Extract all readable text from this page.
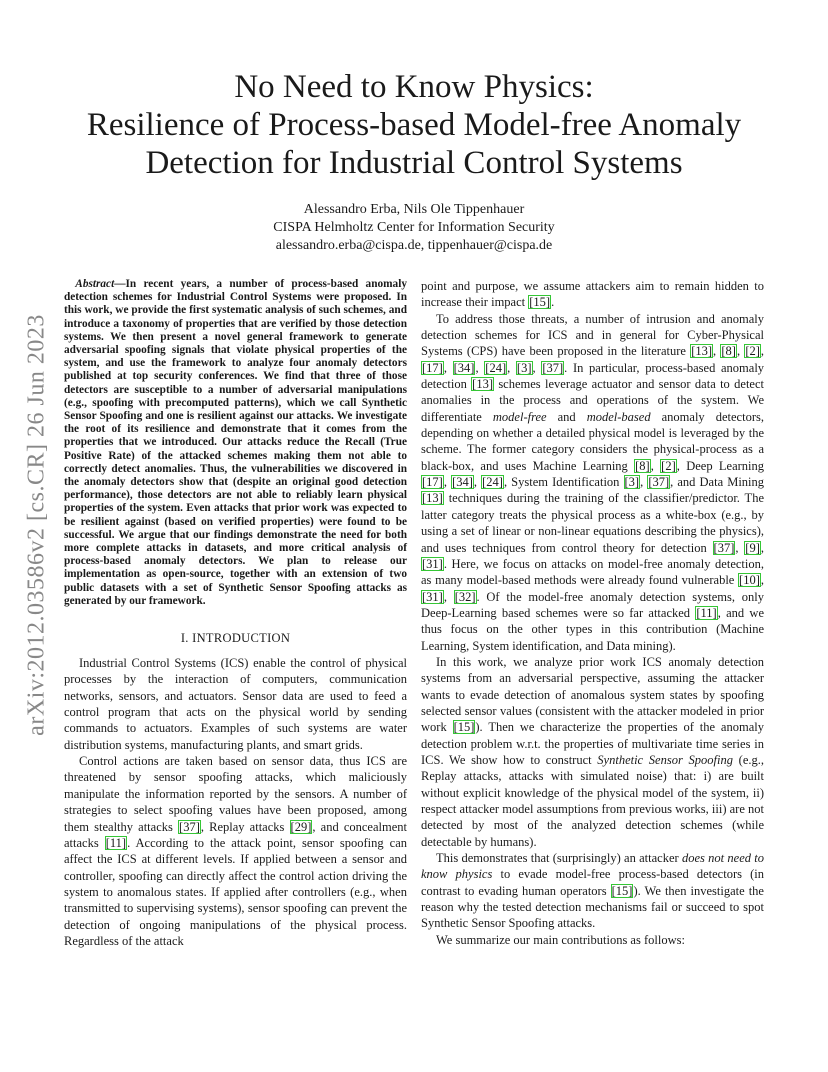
arXiv:2012.03586v2 [cs.CR] 26 Jun 2023
No Need to Know Physics:
Resilience of Process-based Model-free Anomaly
Detection for Industrial Control Systems
Alessandro Erba, Nils Ole Tippenhauer
CISPA Helmholtz Center for Information Security
alessandro.erba@cispa.de, tippenhauer@cispa.de

Abstract—In recent years, a number of process-based anomaly detection schemes for Industrial Control Systems were proposed. In this work, we provide the first systematic analysis of such schemes, and introduce a taxonomy of properties that are verified by those detection systems. We then present a novel general framework to generate adversarial spoofing signals that violate physical properties of the system, and use the framework to analyze four anomaly detectors published at top security conferences. We find that three of those detectors are susceptible to a number of adversarial manipulations (e.g., spoofing with precomputed patterns), which we call Synthetic Sensor Spoofing and one is resilient against our attacks. We investigate the root of its resilience and demonstrate that it comes from the properties that we introduced. Our attacks reduce the Recall (True Positive Rate) of the attacked schemes making them not able to correctly detect anomalies. Thus, the vulnerabilities we discovered in the anomaly detectors show that (despite an original good detection performance), those detectors are not able to reliably learn physical properties of the system. Even attacks that prior work was expected to be resilient against (based on verified properties) were found to be successful. We argue that our findings demonstrate the need for both more complete attacks in datasets, and more critical analysis of process-based anomaly detectors. We plan to release our implementation as open-source, together with an extension of two public datasets with a set of Synthetic Sensor Spoofing attacks as generated by our framework.

I. INTRODUCTION

Industrial Control Systems (ICS) enable the control of physical processes by the interaction of computers, communication networks, sensors, and actuators. Sensor data are used to feed a control program that acts on the physical world by sending commands to actuators. Examples of such systems are water distribution systems, manufacturing plants, and smart grids.

Control actions are taken based on sensor data, thus ICS are threatened by sensor spoofing attacks, which maliciously manipulate the information reported by the sensors. A number of strategies to select spoofing values have been proposed, among them stealthy attacks [37], Replay attacks [29], and concealment attacks [11]. According to the attack point, sensor spoofing can affect the ICS at different levels. If applied between a sensor and controller, spoofing can directly affect the control action driving the system to anomalous states. If applied after controllers (e.g., when transmitted to supervising systems), sensor spoofing can prevent the detection of ongoing manipulations of the physical process. Regardless of the attack

point and purpose, we assume attackers aim to remain hidden to increase their impact [15].

To address those threats, a number of intrusion and anomaly detection schemes for ICS and in general for Cyber-Physical Systems (CPS) have been proposed in the literature [13], [8], [2], [17], [34], [24], [3], [37]. In particular, process-based anomaly detection [13] schemes leverage actuator and sensor data to detect anomalies in the process and operations of the system. We differentiate model-free and model-based anomaly detectors, depending on whether a detailed physical model is leveraged by the scheme. The former category considers the physical-process as a black-box, and uses Machine Learning [8], [2], Deep Learning [17], [34], [24], System Identification [3], [37], and Data Mining [13] techniques during the training of the classifier/predictor. The latter category treats the physical process as a white-box (e.g., by using a set of linear or non-linear equations describing the physics), and uses techniques from control theory for detection [37], [9], [31]. Here, we focus on attacks on model-free anomaly detection, as many model-based methods were already found vulnerable [10], [31], [32]. Of the model-free anomaly detection systems, only Deep-Learning based schemes were so far attacked [11], and we thus focus on the other types in this contribution (Machine Learning, System identification, and Data mining).

In this work, we analyze prior work ICS anomaly detection systems from an adversarial perspective, assuming the attacker wants to evade detection of anomalous system states by spoofing selected sensor values (consistent with the attacker modeled in prior work [15]). Then we characterize the properties of the anomaly detection problem w.r.t. the properties of multivariate time series in ICS. We show how to construct Synthetic Sensor Spoofing (e.g., Replay attacks, attacks with simulated noise) that: i) are built without explicit knowledge of the physical model of the system, ii) respect attacker model assumptions from previous works, iii) are not detected by most of the analyzed detection schemes (while detectable by humans).

This demonstrates that (surprisingly) an attacker does not need to know physics to evade model-free process-based detectors (in contrast to evading human operators [15]). We then investigate the reason why the tested detection mechanisms fail or succeed to spot Synthetic Sensor Spoofing attacks.

We summarize our main contributions as follows:
